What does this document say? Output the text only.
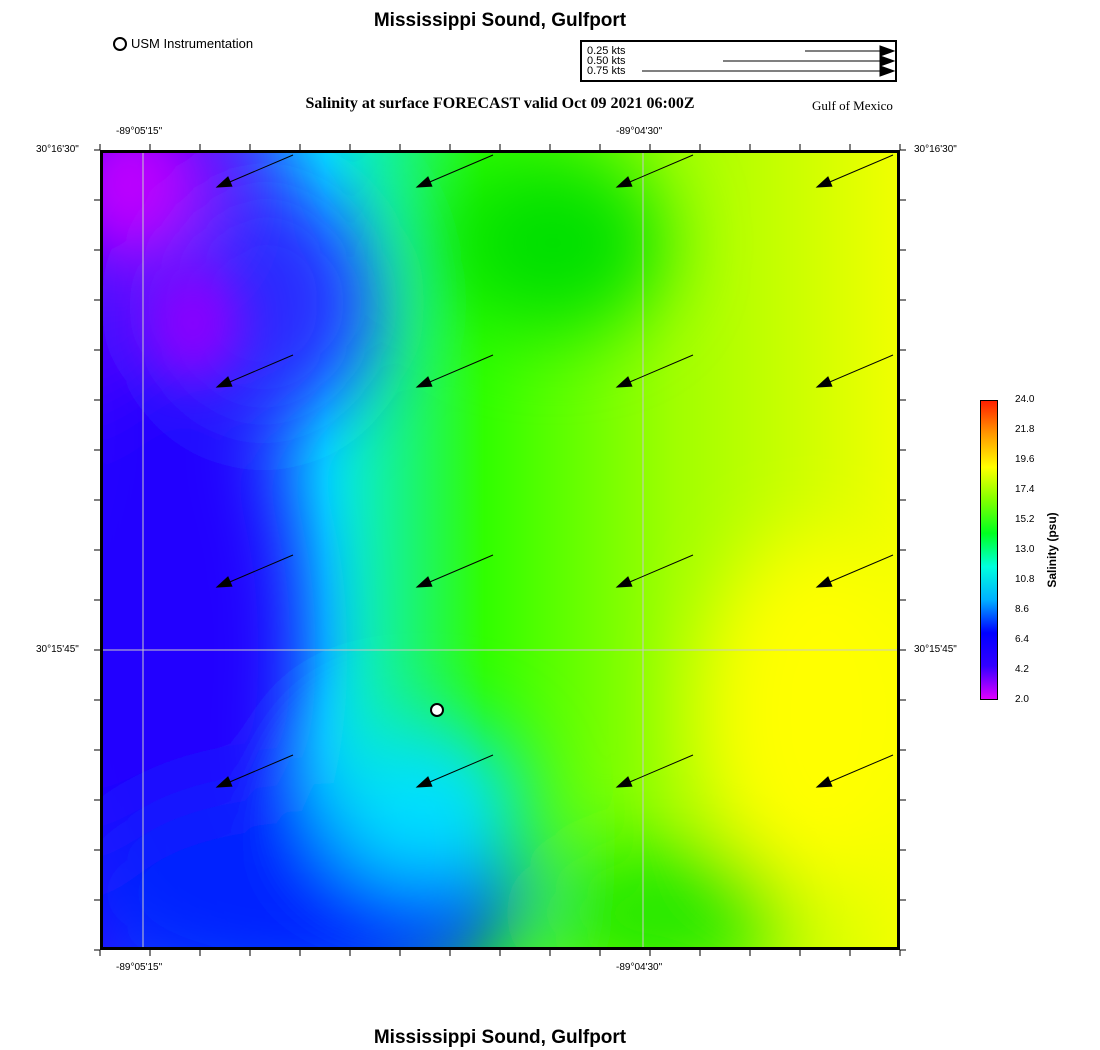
Mississippi Sound, Gulfport
USM Instrumentation	0.25 kts
0.50 kts
0.75 kts
Salinity at surface FORECAST valid Oct 09 2021 06:00Z	Gulf of Mexico
-89°05'15"	-89°04'30"
-89°05'15"	-89°04'30"
30°16'30"
30°15'45"
30°16'30"
30°15'45"
24.0
21.8
19.6
17.4
15.2
13.0
10.8
8.6
6.4
4.2
2.0
Salinity (psu)
Mississippi Sound, Gulfport
